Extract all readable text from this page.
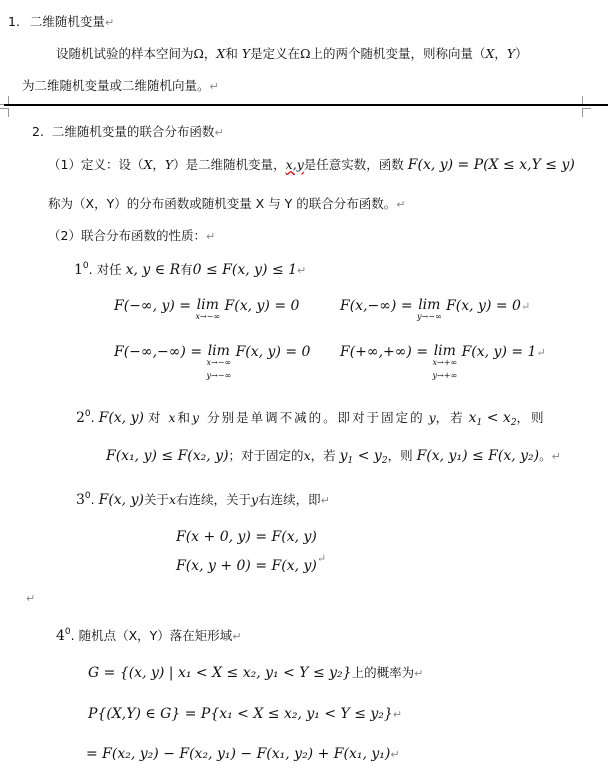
1. 二维随机变量↵
设随机试验的样本空间为Ω，X和 Y是定义在Ω上的两个随机变量，则称向量（X，Y）
为二维随机变量或二维随机向量。↵
2. 二维随机变量的联合分布函数↵
（1）定义：设（X，Y）是二维随机变量，x,y是任意实数，函数 F(x, y) = P(X ≤ x,Y ≤ y)
称为（X，Y）的分布函数或随机变量 X 与 Y 的联合分布函数。↵
（2）联合分布函数的性质：↵
$1^0$. 对任 x, y ∈ R有0 ≤ F(x, y) ≤ 1↵
F(−∞, y) = lim
x→−∞
F(x, y) = 0	F(x,−∞) = lim
y→−∞
F(x, y) = 0↵
F(−∞,−∞) = lim
x→−∞
y→−∞
F(x, y) = 0 F(+∞,+∞) = lim
x→+∞
y→+∞
F(x, y) = 1↵
$2^0$. F(x, y) 对 x和y 分别是单调不减的。即对于固定的 y，若 $x_1 < x_2$，则
F(x₁, y) ≤ F(x₂, y)；对于固定的x，若 $y_1 < y_2$，则 F(x, y₁) ≤ F(x, y₂)。↵
$3^0$. F(x, y)关于x右连续，关于y右连续，即↵
F(x + 0, y) = F(x, y)
F(x, y + 0) = F(x, y)↵
↵
$4^0$. 随机点（X，Y）落在矩形域↵
G = {(x, y) | x₁ < X ≤ x₂, y₁ < Y ≤ y₂}上的概率为↵
P{(X,Y) ∈ G} = P{x₁ < X ≤ x₂, y₁ < Y ≤ y₂}↵
= F(x₂, y₂) − F(x₂, y₁) − F(x₁, y₂) + F(x₁, y₁)↵
